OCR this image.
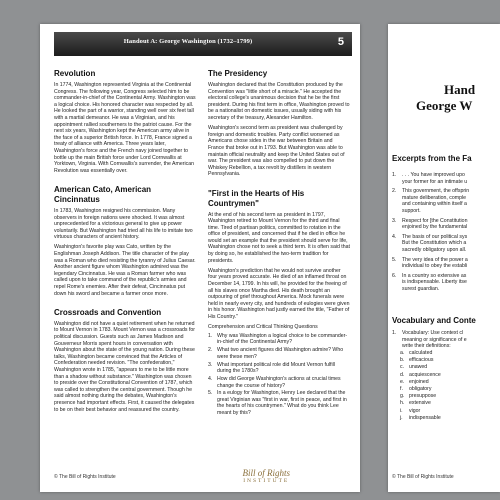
Handout A: George Washington (1732–1799)	5
Revolution

In 1774, Washington represented Virginia at the Continental Congress. The following year, Congress selected him to be commander-in-chief of the Continental Army. Washington was a logical choice. His honored character was respected by all. He looked the part of a warrior, standing well over six feet tall with a martial demeanor. He was a Virginian, and his appointment rallied southerners to the patriot cause. For the next six years, Washington kept the American army alive in the face of a superior British force. In 1778, France signed a treaty of alliance with America. Three years later, Washington's force and the French navy joined together to bottle up the main British force under Lord Cornwallis at Yorktown, Virginia. With Cornwallis's surrender, the American Revolution was essentially over.

American Cato, American Cincinnatus

In 1783, Washington resigned his commission. Many observers in foreign nations were shocked. It was almost unprecedented for a victorious general to give up power voluntarily. But Washington had tried all his life to imitate two virtuous characters of ancient history.

Washington's favorite play was Cato, written by the Englishman Joseph Addison. The title character of the play was a Roman who died resisting the tyranny of Julius Caesar. Another ancient figure whom Washington admired was the legendary Cincinnatus. He was a Roman farmer who was called upon to take command of the republic's armies and repel Rome's enemies. After their defeat, Cincinnatus put down his sword and became a farmer once more.

Crossroads and Convention

Washington did not have a quiet retirement when he returned to Mount Vernon in 1783. Mount Vernon was a crossroads for political discussion. Guests such as James Madison and Gouverneur Morris spent hours in conversation with Washington about the state of the young nation. During these talks, Washington became convinced that the Articles of Confederation needed revision. "The confederation," Washington wrote in 1785, "appears to me to be little more than a shadow without substance." Washington was chosen to preside over the Constitutional Convention of 1787, which was called to strengthen the central government. Though he said almost nothing during the debates, Washington's presence had important effects. First, it caused the delegates to be on their best behavior and reassured the country.

The Presidency

Washington declared that the Constitution produced by the Convention was "little short of a miracle." He accepted the electoral college's unanimous decision that he be the first president. During his first term in office, Washington proved to be a nationalist on domestic issues, usually siding with his secretary of the treasury, Alexander Hamilton.

Washington's second term as president was challenged by foreign and domestic troubles. Party conflict worsened as Americans chose sides in the war between Britain and France that broke out in 1793. But Washington was able to maintain official neutrality and keep the United States out of war. The president was also compelled to put down the Whiskey Rebellion, a tax revolt by distillers in western Pennsylvania.

"First in the Hearts of His Countrymen"

At the end of his second term as president in 1797, Washington retired to Mount Vernon for the third and final time. Tired of partisan politics, committed to rotation in the office of president, and concerned that if he died in office he would set an example that the president should serve for life, Washington chose not to seek a third term. It is often said that by doing so, he established the two-term tradition for presidents.

Washington's prediction that he would not survive another four years proved accurate. He died of an inflamed throat on December 14, 1799. In his will, he provided for the freeing of all his slaves once Martha died. His death brought an outpouring of grief throughout America. Mock funerals were held in nearly every city, and hundreds of eulogies were given in his honor. Washington had justly earned the title, "Father of His Country."

Comprehension and Critical Thinking Questions

1. Why was Washington a logical choice to be commander-in-chief of the Continental Army?
2. What two ancient figures did Washington admire? Who were these men?
3. What important political role did Mount Vernon fulfill during the 1780s?
4. How did George Washington's actions at crucial times change the course of history?
5. In a eulogy for Washington, Henry Lee declared that the great Virginian was "first in war, first in peace, and first in the hearts of his countrymen." What do you think Lee meant by this?
© The Bill of Rights Institute	Bill of Rights
INSTITUTE
Hand
George W
Excerpts from the Fa
1. . . . You have improved upo
your former for an intimate u
2. This government, the offsprin
mature deliberation, comple
and containing within itself a
support.
3. Respect for [the Constitution
enjoined by the fundamental
4. The basis of our political sys
But the Constitution which a
sacredly obligatory upon all.
5. The very idea of the power a
individual to obey the establi
6. In a country so extensive as
is indispensable. Liberty itse
surest guardian.
Vocabulary and Conte
1. Vocabulary: Use context cl
meaning or significance of e
write their definitions:
a. calculated
b. efficacious
c. unawed
d. acquiescence
e. enjoined
f. obligatory
g. presuppose
h. extensive
i. vigor
j. indispensable
© The Bill of Rights Institute
